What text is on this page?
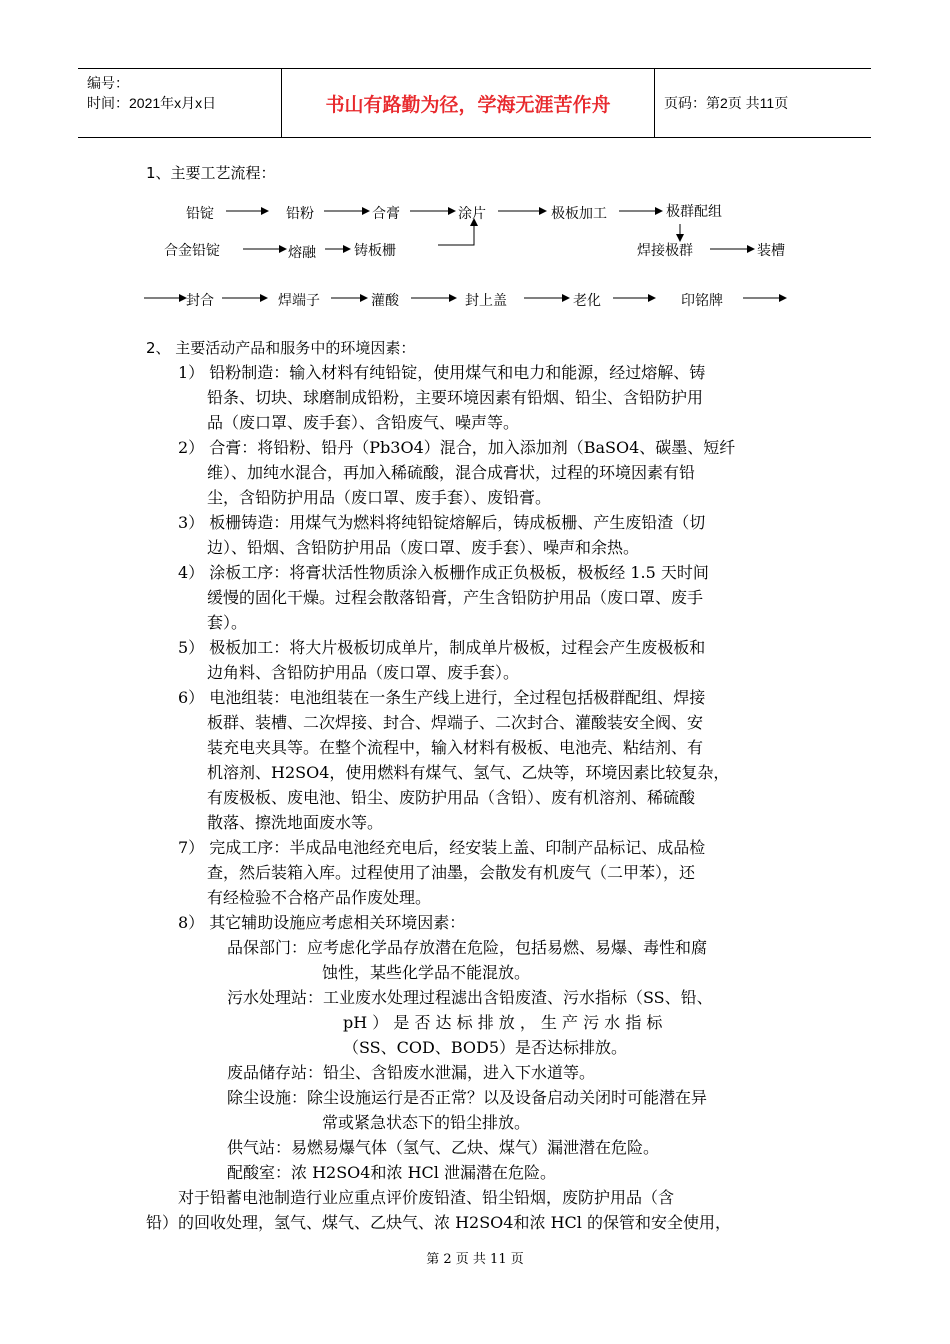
编号：
时间：2021年x月x日	书山有路勤为径，学海无涯苦作舟	页码：第2页 共11页
1、主要工艺流程：
铅锭	铅粉	合膏	涂片	极板加工	极群配组
合金铅锭	熔融	铸板栅	焊接极群	装槽
封合	焊端子	灌酸	封上盖	老化	印铭牌
2、 主要活动产品和服务中的环境因素：
1） 铅粉制造：输入材料有纯铅锭，使用煤气和电力和能源，经过熔解、铸
铅条、切块、球磨制成铅粉，主要环境因素有铅烟、铅尘、含铅防护用
品（废口罩、废手套）、含铅废气、噪声等。
2） 合膏：将铅粉、铅丹（Pb3O4）混合，加入添加剂（BaSO4、碳墨、短纤
维）、加纯水混合，再加入稀硫酸，混合成膏状，过程的环境因素有铅
尘，含铅防护用品（废口罩、废手套）、废铅膏。
3） 板栅铸造：用煤气为燃料将纯铅锭熔解后，铸成板栅、产生废铅渣（切
边）、铅烟、含铅防护用品（废口罩、废手套）、噪声和余热。
4） 涂板工序：将膏状活性物质涂入板栅作成正负极板，极板经 1.5 天时间
缓慢的固化干燥。过程会散落铅膏，产生含铅防护用品（废口罩、废手
套）。
5） 极板加工：将大片极板切成单片，制成单片极板，过程会产生废极板和
边角料、含铅防护用品（废口罩、废手套）。
6） 电池组装：电池组装在一条生产线上进行，全过程包括极群配组、焊接
板群、装槽、二次焊接、封合、焊端子、二次封合、灌酸装安全阀、安
装充电夹具等。在整个流程中，输入材料有极板、电池壳、粘结剂、有
机溶剂、H2SO4，使用燃料有煤气、氢气、乙炔等，环境因素比较复杂，
有废极板、废电池、铅尘、废防护用品（含铅）、废有机溶剂、稀硫酸
散落、擦洗地面废水等。
7） 完成工序：半成品电池经充电后，经安装上盖、印制产品标记、成品检
查，然后装箱入库。过程使用了油墨，会散发有机废气（二甲苯），还
有经检验不合格产品作废处理。
8） 其它辅助设施应考虑相关环境因素：
品保部门：应考虑化学品存放潜在危险，包括易燃、易爆、毒性和腐
蚀性，某些化学品不能混放。
污水处理站：工业废水处理过程滤出含铅废渣、污水指标（SS、铅、
pH ） 是 否 达 标 排 放 ， 生 产 污 水 指 标
（SS、COD、BOD5）是否达标排放。
废品储存站：铅尘、含铅废水泄漏，进入下水道等。
除尘设施：除尘设施运行是否正常？以及设备启动关闭时可能潜在异
常或紧急状态下的铅尘排放。
供气站：易燃易爆气体（氢气、乙炔、煤气）漏泄潜在危险。
配酸室：浓 H2SO4和浓 HCl 泄漏潜在危险。
对于铅蓄电池制造行业应重点评价废铅渣、铅尘铅烟，废防护用品（含
铅）的回收处理，氢气、煤气、乙炔气、浓 H2SO4和浓 HCl 的保管和安全使用，
第 2 页 共 11 页
